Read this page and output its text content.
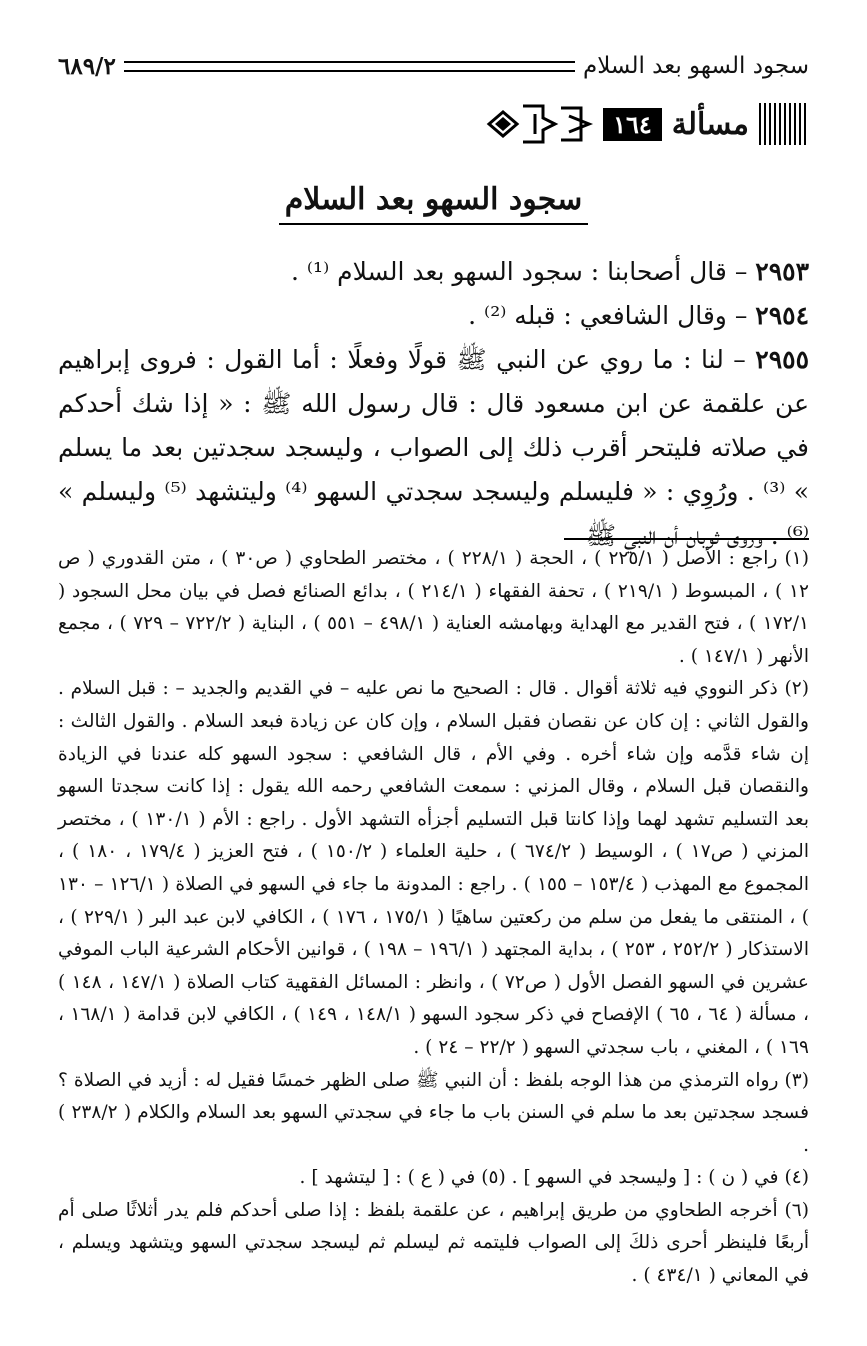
سجود السهو بعد السلام
٦٨٩/٢
مسألة
١٦٤
سجود السهو بعد السلام

٢٩٥٣ – قال أصحابنا : سجود السهو بعد السلام ⁽¹⁾ .

٢٩٥٤ – وقال الشافعي : قبله ⁽²⁾ .

٢٩٥٥ – لنا : ما روي عن النبي ﷺ قولًا وفعلًا : أما القول : فروى إبراهيم عن علقمة عن ابن مسعود قال : قال رسول الله ﷺ : « إذا شك أحدكم في صلاته فليتحر أقرب ذلك إلى الصواب ، وليسجد سجدتين بعد ما يسلم » ⁽³⁾ . ورُوِي : « فليسلم وليسجد سجدتي السهو ⁽⁴⁾ وليتشهد ⁽⁵⁾ وليسلم » ⁽⁶⁾ . وروى ثوبان أن النبي ﷺ

(١) راجع : الأصل ( ٢٢٥/١ ) ، الحجة ( ٢٢٨/١ ) ، مختصر الطحاوي ( ص٣٠ ) ، متن القدوري ( ص ١٢ ) ، المبسوط ( ٢١٩/١ ) ، تحفة الفقهاء ( ٢١٤/١ ) ، بدائع الصنائع فصل في بيان محل السجود ( ١٧٢/١ ) ، فتح القدير مع الهداية وبهامشه العناية ( ٤٩٨/١ – ٥٥١ ) ، البناية ( ٧٢٢/٢ – ٧٢٩ ) ، مجمع الأنهر ( ١٤٧/١ ) .

(٢) ذكر النووي فيه ثلاثة أقوال . قال : الصحيح ما نص عليه – في القديم والجديد – : قبل السلام . والقول الثاني : إن كان عن نقصان فقبل السلام ، وإن كان عن زيادة فبعد السلام . والقول الثالث : إن شاء قدَّمه وإن شاء أخره . وفي الأم ، قال الشافعي : سجود السهو كله عندنا في الزيادة والنقصان قبل السلام ، وقال المزني : سمعت الشافعي رحمه الله يقول : إذا كانت سجدتا السهو بعد التسليم تشهد لهما وإذا كانتا قبل التسليم أجزأه التشهد الأول . راجع : الأم ( ١٣٠/١ ) ، مختصر المزني ( ص١٧ ) ، الوسيط ( ٦٧٤/٢ ) ، حلية العلماء ( ١٥٠/٢ ) ، فتح العزيز ( ١٧٩/٤ ، ١٨٠ ) ، المجموع مع المهذب ( ١٥٣/٤ – ١٥٥ ) . راجع : المدونة ما جاء في السهو في الصلاة ( ١٢٦/١ – ١٣٠ ) ، المنتقى ما يفعل من سلم من ركعتين ساهيًا ( ١٧٥/١ ، ١٧٦ ) ، الكافي لابن عبد البر ( ٢٢٩/١ ) ، الاستذكار ( ٢٥٢/٢ ، ٢٥٣ ) ، بداية المجتهد ( ١٩٦/١ – ١٩٨ ) ، قوانين الأحكام الشرعية الباب الموفي عشرين في السهو الفصل الأول ( ص٧٢ ) ، وانظر : المسائل الفقهية كتاب الصلاة ( ١٤٧/١ ، ١٤٨ ) ، مسألة ( ٦٤ ، ٦٥ ) الإفصاح في ذكر سجود السهو ( ١٤٨/١ ، ١٤٩ ) ، الكافي لابن قدامة ( ١٦٨/١ ، ١٦٩ ) ، المغني ، باب سجدتي السهو ( ٢٢/٢ – ٢٤ ) .

(٣) رواه الترمذي من هذا الوجه بلفظ : أن النبي ﷺ صلى الظهر خمسًا فقيل له : أزيد في الصلاة ؟ فسجد سجدتين بعد ما سلم في السنن باب ما جاء في سجدتي السهو بعد السلام والكلام ( ٢٣٨/٢ ) .

(٤) في ( ن ) : [ وليسجد في السهو ] . (٥) في ( ع ) : [ ليتشهد ] .

(٦) أخرجه الطحاوي من طريق إبراهيم ، عن علقمة بلفظ : إذا صلى أحدكم فلم يدر أثلاثًا صلى أم أربعًا فلينظر أحرى ذلكَ إلى الصواب فليتمه ثم ليسلم ثم ليسجد سجدتي السهو ويتشهد ويسلم ، في المعاني ( ٤٣٤/١ ) .
